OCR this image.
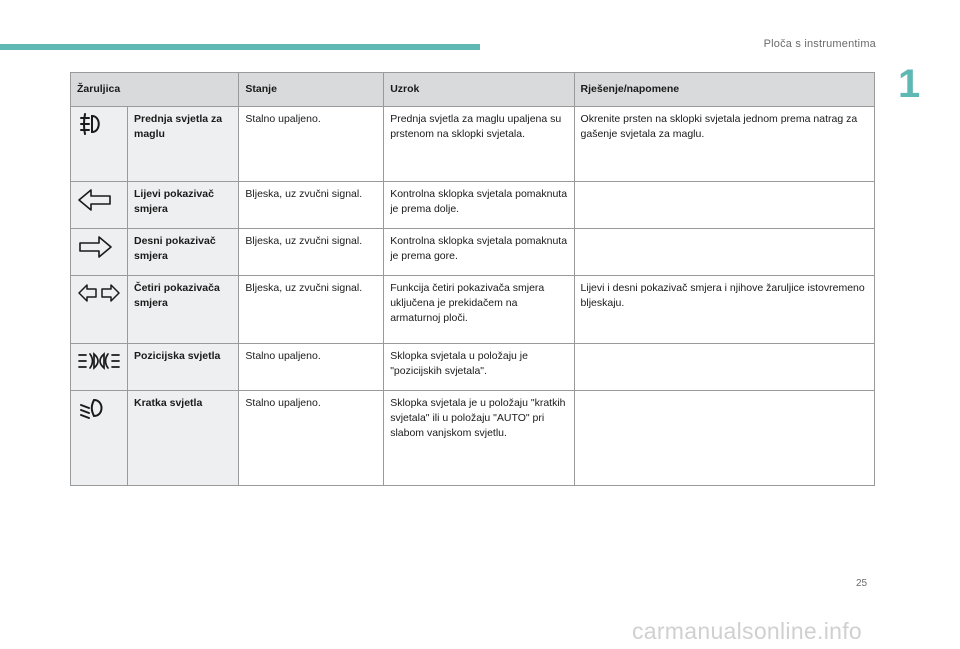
Ploča s instrumentima
1
Žaruljica		Stanje	Uzrok	Rješenje/napomene
	Prednja svjetla za maglu	Stalno upaljeno.	Prednja svjetla za maglu upaljena su prstenom na sklopki svjetala.	Okrenite prsten na sklopki svjetala jednom prema natrag za gašenje svjetala za maglu.
	Lijevi pokazivač smjera	Bljeska, uz zvučni signal.	Kontrolna sklopka svjetala pomaknuta je prema dolje.	
	Desni pokazivač smjera	Bljeska, uz zvučni signal.	Kontrolna sklopka svjetala pomaknuta je prema gore.	
	Četiri pokazivača smjera	Bljeska, uz zvučni signal.	Funkcija četiri pokazivača smjera uključena je prekidačem na armaturnoj ploči.	Lijevi i desni pokazivač smjera i njihove žaruljice istovremeno bljeskaju.
	Pozicijska svjetla	Stalno upaljeno.	Sklopka svjetala u položaju je "pozicijskih svjetala".	
	Kratka svjetla	Stalno upaljeno.	Sklopka svjetala je u položaju "kratkih svjetala" ili u položaju "AUTO" pri slabom vanjskom svjetlu.	
25
carmanualsonline.info
